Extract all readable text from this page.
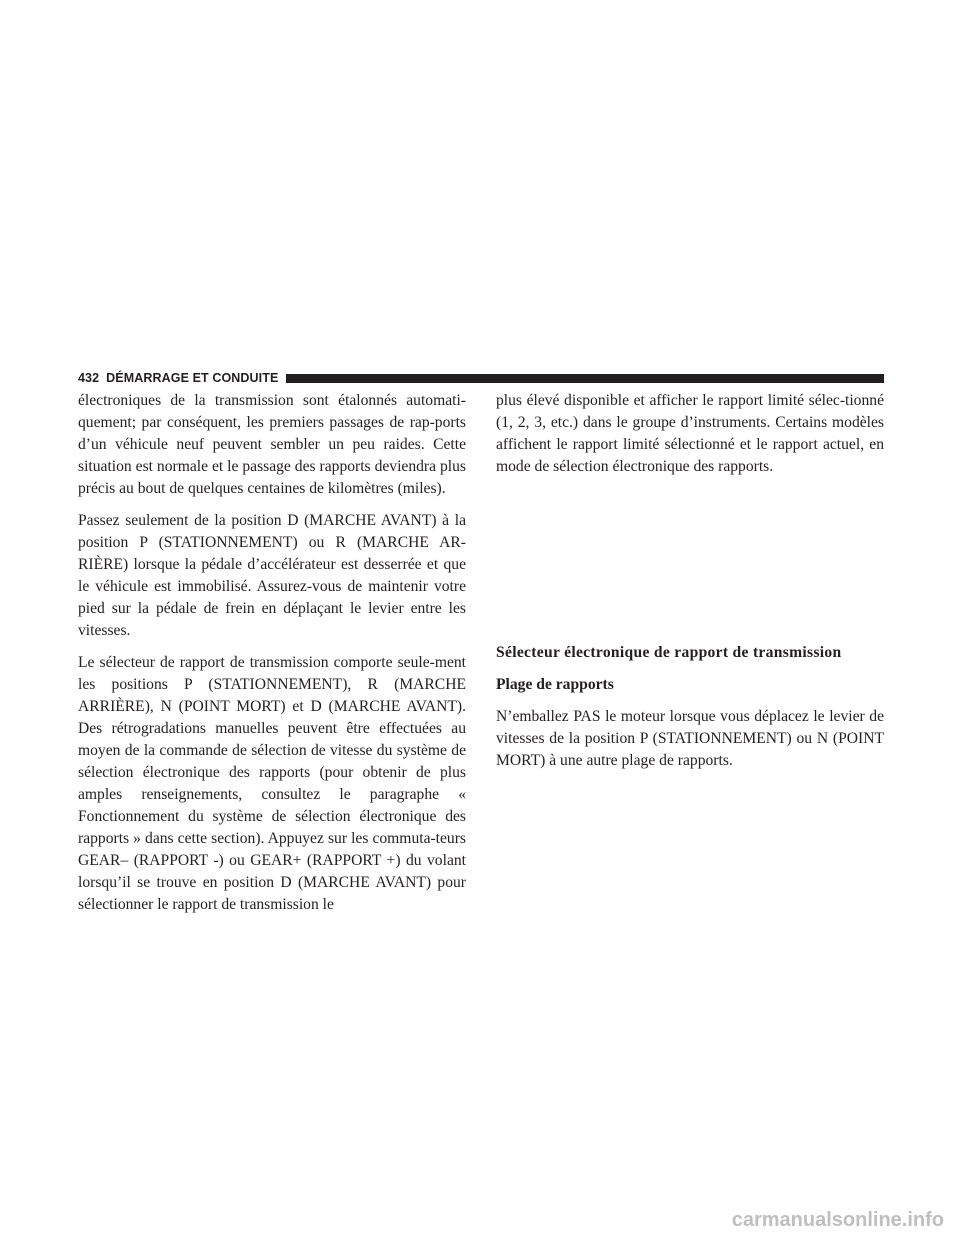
432 DÉMARRAGE ET CONDUITE

électroniques de la transmission sont étalonnés automati-quement; par conséquent, les premiers passages de rap-ports d’un véhicule neuf peuvent sembler un peu raides. Cette situation est normale et le passage des rapports deviendra plus précis au bout de quelques centaines de kilomètres (miles).

Passez seulement de la position D (MARCHE AVANT) à la position P (STATIONNEMENT) ou R (MARCHE AR-RIÈRE) lorsque la pédale d’accélérateur est desserrée et que le véhicule est immobilisé. Assurez-vous de maintenir votre pied sur la pédale de frein en déplaçant le levier entre les vitesses.

Le sélecteur de rapport de transmission comporte seule-ment les positions P (STATIONNEMENT), R (MARCHE ARRIÈRE), N (POINT MORT) et D (MARCHE AVANT). Des rétrogradations manuelles peuvent être effectuées au moyen de la commande de sélection de vitesse du système de sélection électronique des rapports (pour obtenir de plus amples renseignements, consultez le paragraphe « Fonctionnement du système de sélection électronique des rapports » dans cette section). Appuyez sur les commuta-teurs GEAR– (RAPPORT -) ou GEAR+ (RAPPORT +) du volant lorsqu’il se trouve en position D (MARCHE AVANT) pour sélectionner le rapport de transmission le

plus élevé disponible et afficher le rapport limité sélec-tionné (1, 2, 3, etc.) dans le groupe d’instruments. Certains modèles affichent le rapport limité sélectionné et le rapport actuel, en mode de sélection électronique des rapports.

Sélecteur électronique de rapport de transmission

Plage de rapports

N’emballez PAS le moteur lorsque vous déplacez le levier de vitesses de la position P (STATIONNEMENT) ou N (POINT MORT) à une autre plage de rapports.

carmanualsonline.info
